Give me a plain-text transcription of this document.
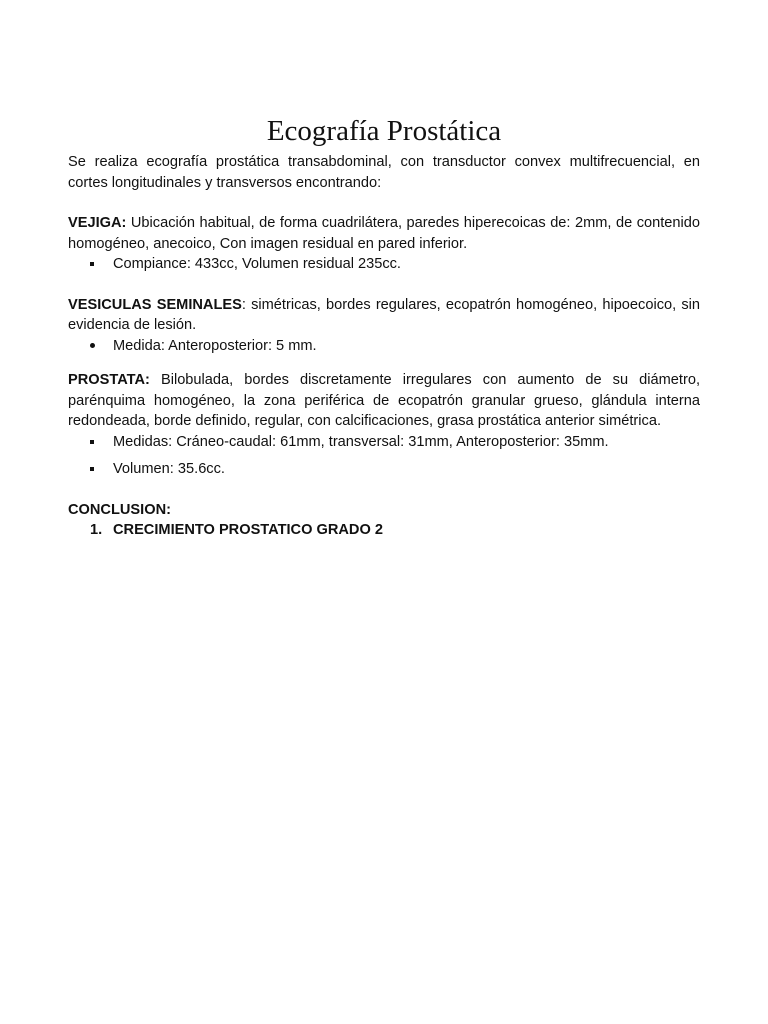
Ecografía Prostática

Se realiza ecografía prostática transabdominal, con transductor convex multifrecuencial, en cortes longitudinales y transversos encontrando:

VEJIGA: Ubicación habitual, de forma cuadrilátera, paredes hiperecoicas de: 2mm, de contenido homogéneo, anecoico, Con imagen residual en pared inferior.

Compiance: 433cc, Volumen residual 235cc.

VESICULAS SEMINALES: simétricas, bordes regulares, ecopatrón homogéneo, hipoecoico, sin evidencia de lesión.

Medida: Anteroposterior: 5 mm.

PROSTATA: Bilobulada, bordes discretamente irregulares con aumento de su diámetro, parénquima homogéneo, la zona periférica de ecopatrón granular grueso, glándula interna redondeada, borde definido, regular, con calcificaciones, grasa prostática anterior simétrica.

Medidas: Cráneo-caudal: 61mm, transversal: 31mm, Anteroposterior: 35mm.
Volumen: 35.6cc.

CONCLUSION:

1. CRECIMIENTO PROSTATICO GRADO 2
